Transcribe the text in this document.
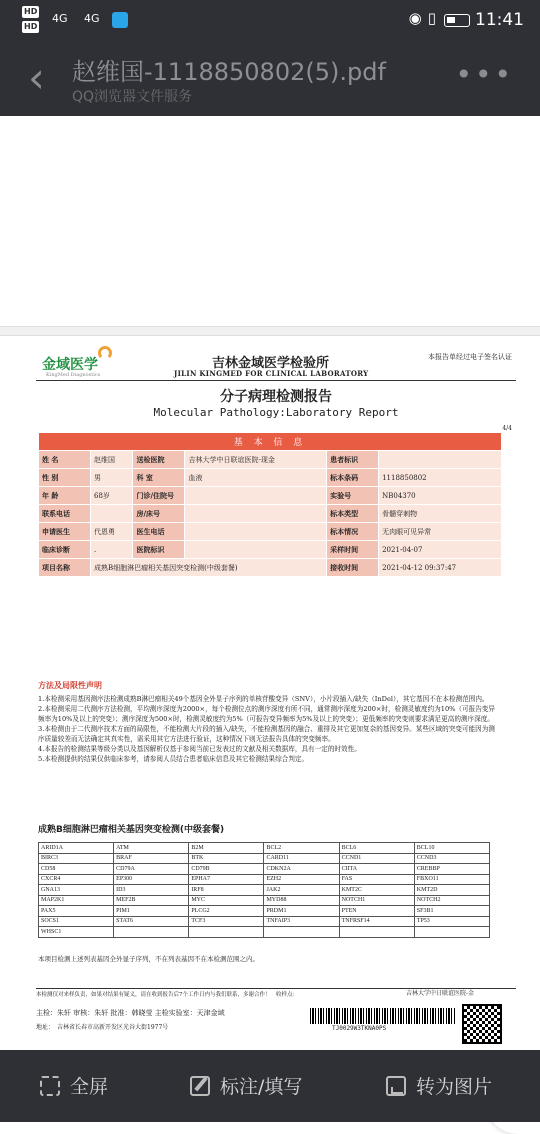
HD
HD
4G 4G	◉▯	11:41
‹ 赵维国-1118850802(5).pdf
QQ浏览器文件服务
•••
金域医学
KingMed Diagnostics
吉林金域医学检验所
JILIN KINGMED FOR CLINICAL LABORATORY
本报告单经过电子签名认证
分子病理检测报告
Molecular Pathology:Laboratory Report
4/4
基 本 信 息					
姓 名	赵维国	送检医院	吉林大学中日联谊医院-现金	患者标识	
性 别	男	科 室	血液	标本条码	1118850802
年 龄	68岁	门诊/住院号		实验号	NB04370
联系电话		房/床号		标本类型	骨髓穿刺物
申请医生	代恩勇	医生电话		标本情况	无肉眼可见异常
临床诊断	.	医院标识		采样时间	2021-04-07
项目名称	成熟B细胞淋巴瘤相关基因突变检测(中级套餐)			接收时间	2021-04-12 09:37:47
方法及局限性声明
1.本检测采用基因测序法检测成熟B淋巴瘤相关49个基因全外显子序列的单核苷酸变异（SNV），小片段插入/缺失（InDel），其它基因不在本检测范围内。
2.本检测采用二代测序方法检测，平均测序深度为2000×，每个检测位点的测序深度有所不同，通常测序深度为200×时，检测灵敏度约为10%（可报告变异频率为10%及以上的突变）；测序深度为500×时，检测灵敏度约为5%（可报告变异频率为5%及以上的突变）；更低频率的突变则要求满足更高的测序深度。
3.本检测由于二代测序技术方面的局限性，不能检测大片段的插入/缺失，不能检测基因的融合、重排及其它更加复杂的基因变异。某些区域的突变可能因为测序质量较差而无法确定其真实性，需采用其它方法进行验证，这种情况下则无法报告具体的突变频率。
4.本报告的检测结果等级分类以及基因解析仅基于参阅当前已发表过的文献及相关数据库，具有一定的时效性。
5.本检测提供的结果仅供临床参考，请参阅人员结合患者临床信息及其它检测结果综合判定。
成熟B细胞淋巴瘤相关基因突变检测(中级套餐)
ARID1A	ATM	B2M	BCL2	BCL6	BCL10
BIRC3	BRAF	BTK	CARD11	CCND1	CCND3
CD58	CD79A	CD79B	CDKN2A	CIITA	CREBBP
CXCR4	EP300	EPHA7	EZH2	FAS	FBXO11
GNA13	ID3	IRF8	JAK2	KMT2C	KMT2D
MAP2K1	MEF2B	MYC	MYD88	NOTCH1	NOTCH2
PAX5	PIM1	PLCG2	PRDM1	PTEN	SF3B1
SOCS1	STAT6	TCF3	TNFAIP3	TNFRSF14	TP53
WHSC1					
本项目检测上述列表基因全外显子序列，不在列表基因不在本检测范围之内。
本检测仅对来样负责，如果对结果有疑义，请在收到报告后7个工作日内与我们联系，多谢合作！　收样点：	吉林大学中日联谊医院-金
主检：朱轩 审核：朱轩 批准：韩晓莹 主检实验室：天津金域
地址：　吉林省长春市高新开发区光谷大街1977号	TJ0029W3TKNA0PS
全屏	标注/填写	转为图片
